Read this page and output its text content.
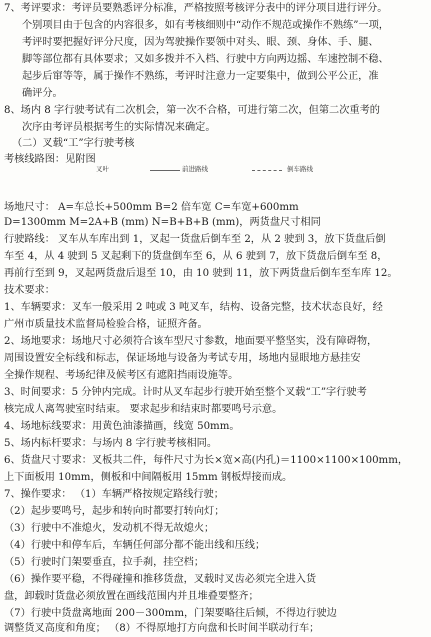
7、考评要求：考评员要熟悉评分标准，严格按照考核评分表中的评分项目进行评分。
个别项目由于包含的内容很多，如有考核细则中“动作不规范或操作不熟练”一项，
考评时要把握好评分尺度，因为驾驶操作要领中对头、眼、颈、身体、手、腿、
脚等部位都有具体要求；又如多拨并不入档、行驶中方向两边摇、车速控制不稳、
起步后窜等等，属于操作不熟练，考评时注意力一定要集中，做到公平公正，准
确评分。
8、场内 8 字行驶考试有二次机会，第一次不合格，可进行第二次，但第二次重考的
次序由考评员根据考生的实际情况来确定。
（二）叉载“工”字行驶考核
考核线路图：见附图
叉叶	前进路线	倒车路线
场地尺寸： A=车总长+500mm B=2 倍车宽 C=车宽+600mm
D=1300mm M=2A+B (mm) N=B+B+B (mm)，两货盘尺寸相同
行驶路线： 叉车从车库出到 1，叉起一货盘后倒车至 2，从 2 驶到 3，放下货盘后倒
车至 4，从 4 驶到 5 叉起剩下的货盘倒车至 6，从 6 驶到 7，放下货盘后倒车至 8，
再前行至到 9，叉起两货盘后退至 10，由 10 驶到 11，放下两货盘后倒车至车库 12。
技术要求：
1、车辆要求：叉车一般采用 2 吨或 3 吨叉车，结构、设备完整，技术状态良好，经
广州市质量技术监督局检验合格，证照齐备。
2、场地要求：场地尺寸必须符合该车型尺寸参数，地面要平整坚实，没有障碍物，
周围设置安全标线和标志，保证场地与设备为考试专用，场地内显眼地方悬挂安
全操作规程、考场纪律及候考区有遮阳挡雨设施等。
3、时间要求：5 分钟内完成。计时从叉车起步行驶开始至整个叉载“工”字行驶考
核完成人离驾驶室时结束。 要求起步和结束时都要鸣号示意。
4、场地标线要求：用黄色油漆描画，线宽 50mm。
5、场内标杆要求：与场内 8 字行驶考核相同。
6、货盘尺寸要求：叉板共二件，每件尺寸为长×宽×高(内孔)＝1100×1100×100mm，
上下面板用 10mm，侧板和中间隔板用 15mm 钢板焊接而成。
7、操作要求： （1）车辆严格按规定路线行驶；
（2）起步要鸣号，起步和转向时都要打转向灯；
（3）行驶中不准熄火，发动机不得无故熄火；
（4）行驶中和停车后，车辆任何部分都不能出线和压线；
（5）行驶时门架要垂直，拉手刹，挂空档；
（6）操作要平稳，不得碰撞和推移货盘，叉载时叉齿必须完全进入货
盘，卸载时货盘必须放置在画线范围内并且堆叠要整齐；
（7）行驶中货盘离地面 200－300mm，门架要略往后倾，不得边行驶边
调整货叉高度和角度； （8）不得原地打方向盘和长时间半联动行车；
